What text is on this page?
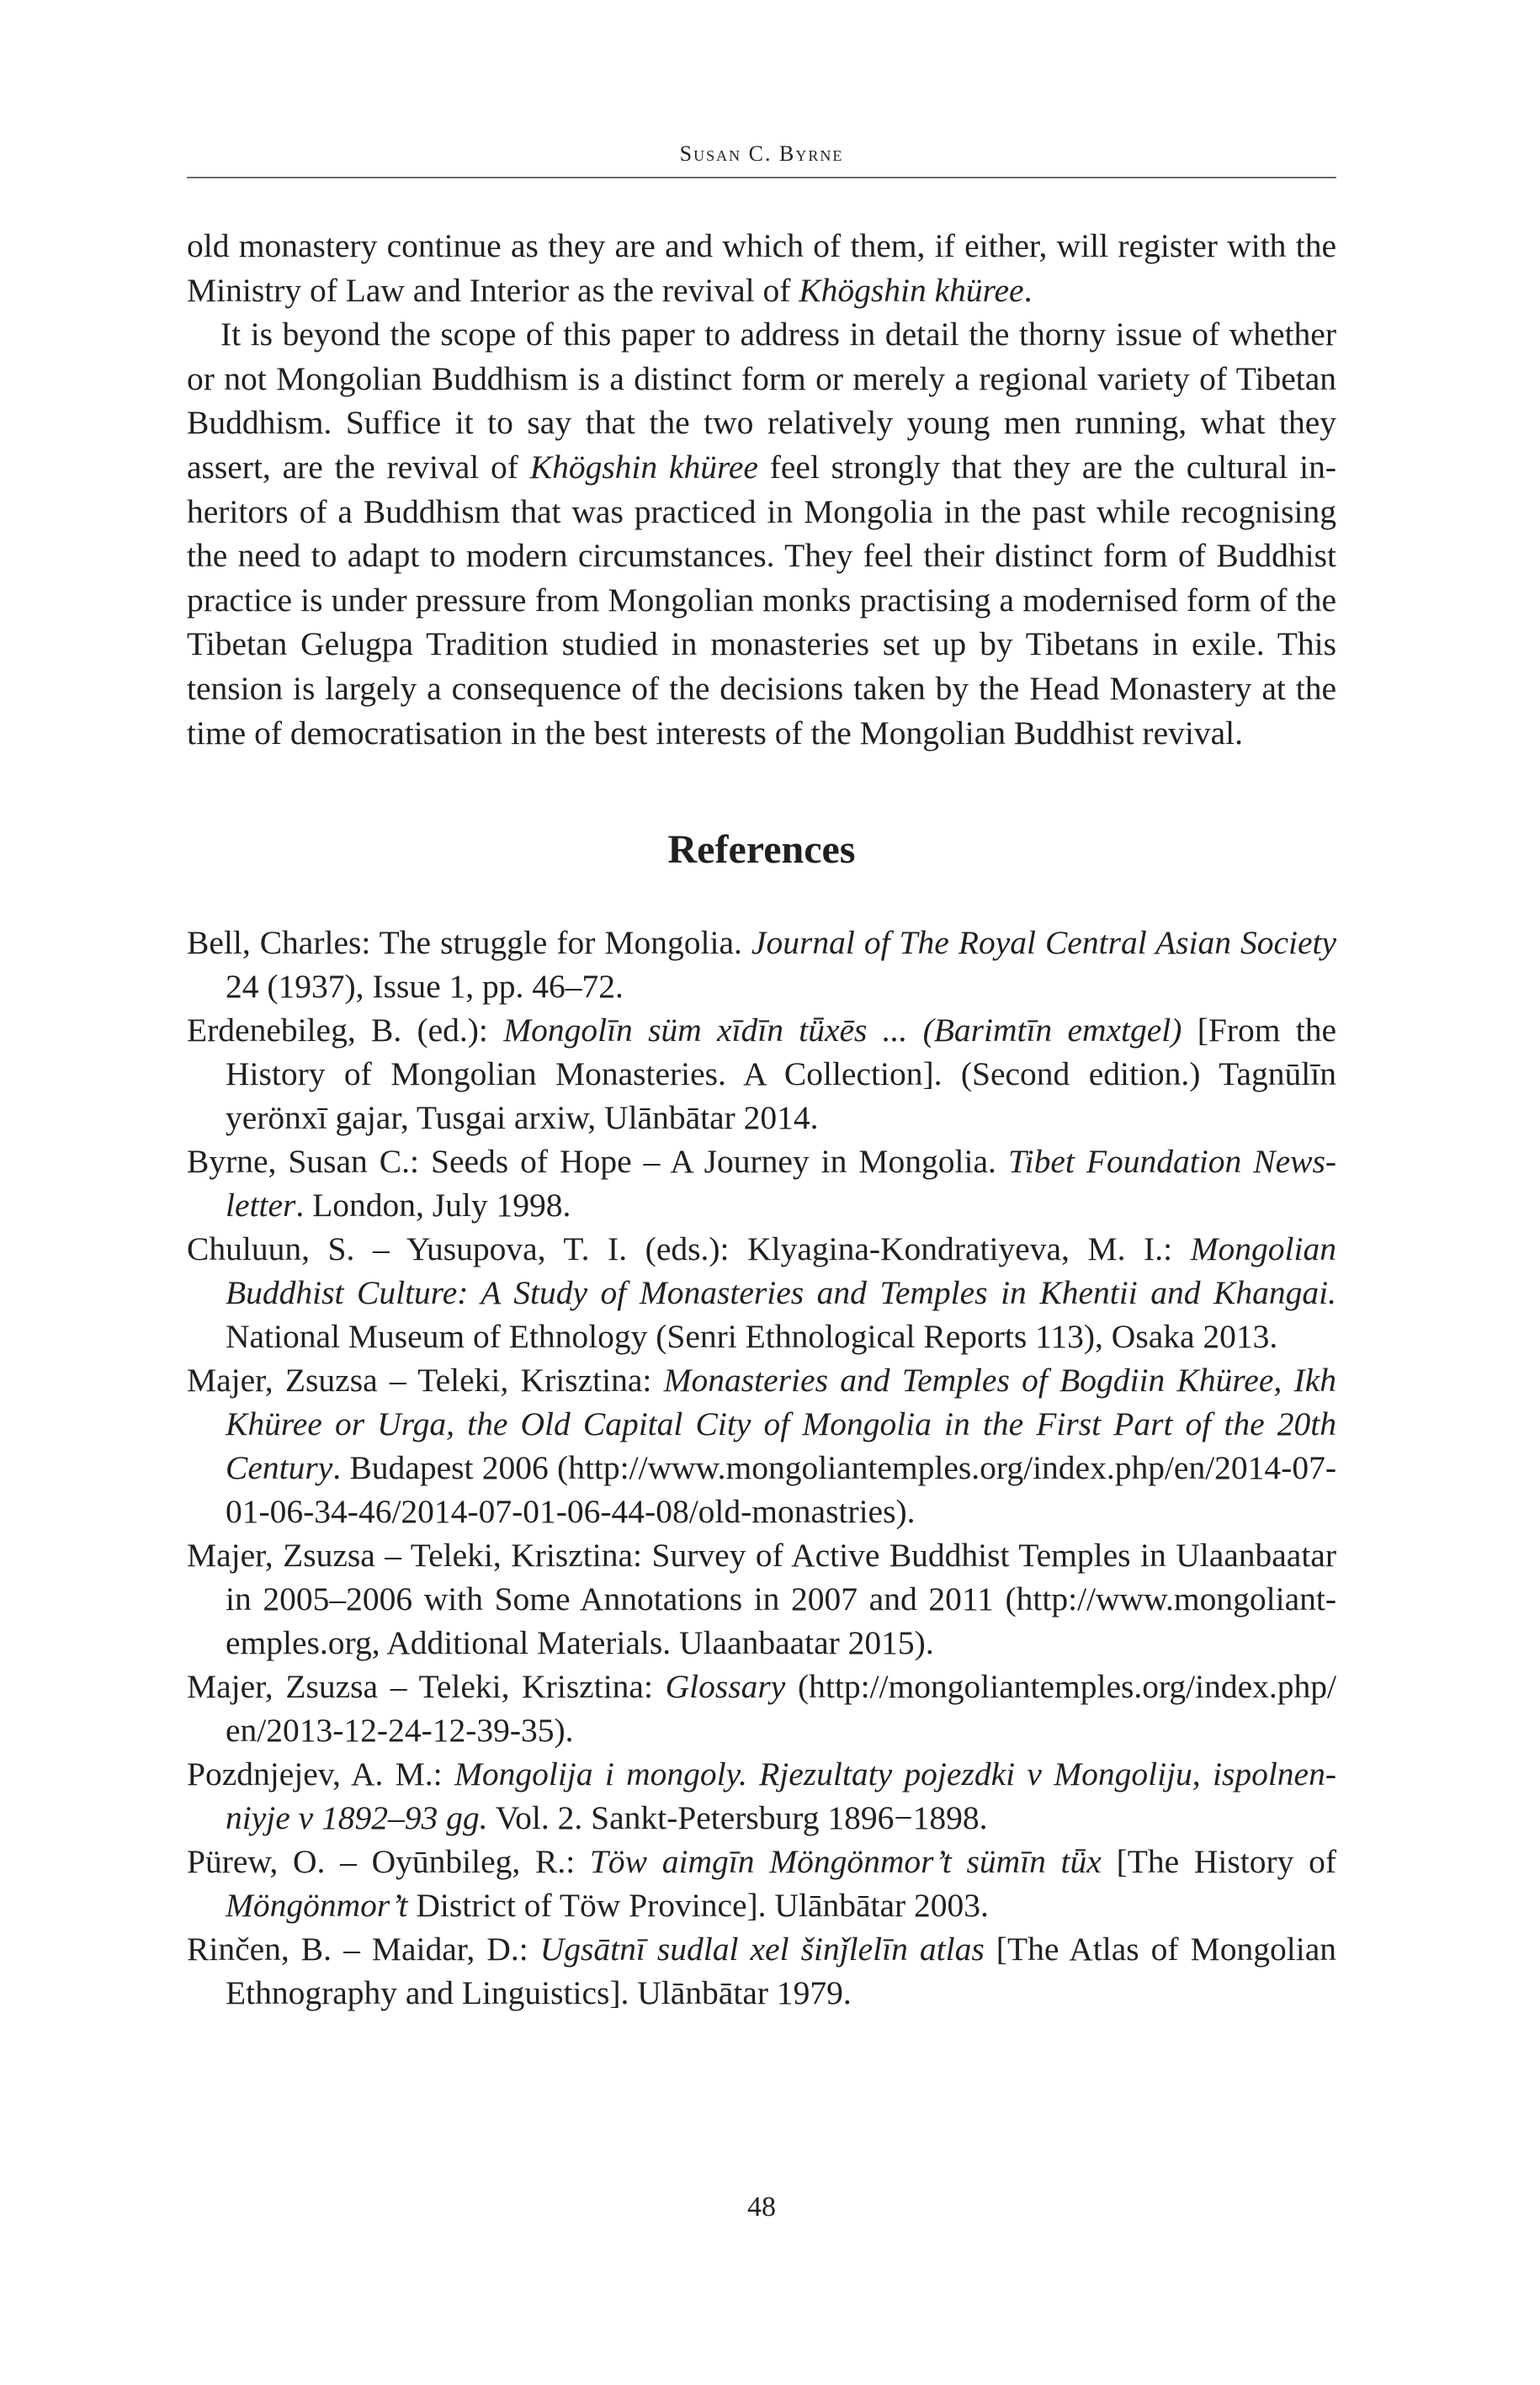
Susan C. Byrne

old monastery continue as they are and which of them, if either, will register with the Ministry of Law and Interior as the revival of Khögshin khüree.

It is beyond the scope of this paper to address in detail the thorny issue of whether or not Mongolian Buddhism is a distinct form or merely a regional variety of Tibetan Buddhism. Suffice it to say that the two relatively young men running, what they assert, are the revival of Khögshin khüree feel strongly that they are the cultural inheritors of a Buddhism that was practiced in Mongolia in the past while recognising the need to adapt to modern circumstances. They feel their distinct form of Buddhist practice is under pressure from Mongolian monks practising a modernised form of the Tibetan Gelugpa Tradition studied in monasteries set up by Tibetans in exile. This tension is largely a consequence of the decisions taken by the Head Monastery at the time of democratisation in the best interests of the Mongolian Buddhist revival.

References

Bell, Charles: The struggle for Mongolia. Journal of The Royal Central Asian Society 24 (1937), Issue 1, pp. 46–72.

Erdenebileg, B. (ed.): Mongolīn süm xīdīn tǖxēs ... (Barimtīn emxtgel) [From the History of Mongolian Monasteries. A Collection]. (Second edition.) Tagnūlīn yerönxī gajar, Tusgai arxiw, Ulānbātar 2014.

Byrne, Susan C.: Seeds of Hope – A Journey in Mongolia. Tibet Foundation Newsletter. London, July 1998.

Chuluun, S. – Yusupova, T. I. (eds.): Klyagina-Kondratiyeva, M. I.: Mongolian Buddhist Culture: A Study of Monasteries and Temples in Khentii and Khangai. National Museum of Ethnology (Senri Ethnological Reports 113), Osaka 2013.

Majer, Zsuzsa – Teleki, Krisztina: Monasteries and Temples of Bogdiin Khüree, Ikh Khüree or Urga, the Old Capital City of Mongolia in the First Part of the 20th Century. Budapest 2006 (http://www.mongoliantemples.org/index.php/en/2014-07-01-06-34-46/2014-07-01-06-44-08/old-monastries).

Majer, Zsuzsa – Teleki, Krisztina: Survey of Active Buddhist Temples in Ulaanbaatar in 2005–2006 with Some Annotations in 2007 and 2011 (http://www.mongoliantemples.org, Additional Materials. Ulaanbaatar 2015).

Majer, Zsuzsa – Teleki, Krisztina: Glossary (http://mongoliantemples.org/index.php/ en/2013-12-24-12-39-35).

Pozdnjejev, A. M.: Mongolija i mongoly. Rjezultaty pojezdki v Mongoliju, ispolnenniyje v 1892–93 gg. Vol. 2. Sankt-Petersburg 1896−1898.

Pürew, O. – Oyūnbileg, R.: Töw aimgīn Möngönmor’t sümīn tǖx [The History of Möngönmor’t District of Töw Province]. Ulānbātar 2003.

Rinčen, B. – Maidar, D.: Ugsātnī sudlal xel šinǰlelīn atlas [The Atlas of Mongolian Ethnography and Linguistics]. Ulānbātar 1979.

48
